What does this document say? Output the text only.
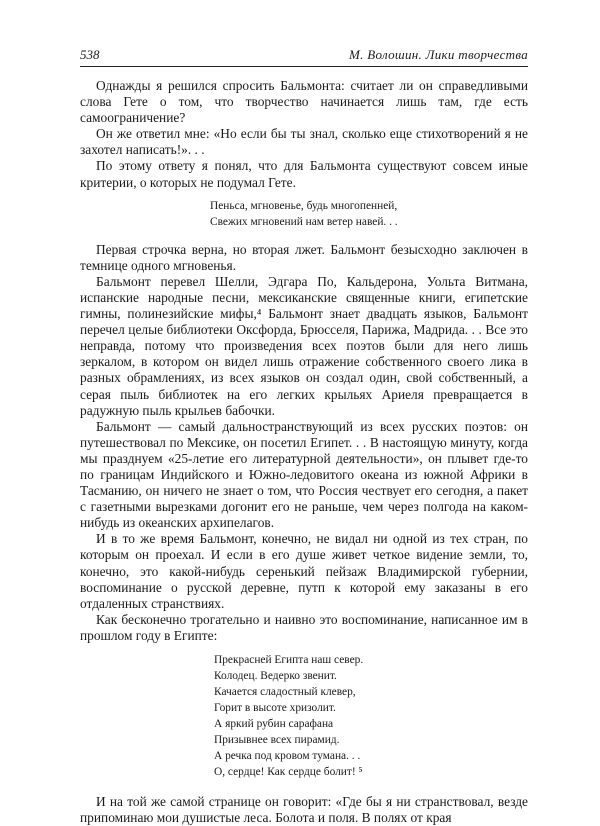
538	М. Волошин. Лики творчества

Однажды я решился спросить Бальмонта: считает ли он справедливыми слова Гете о том, что творчество начинается лишь там, где есть самоограничение?

Он же ответил мне: «Но если бы ты знал, сколько еще стихотворений я не захотел написать!». . .

По этому ответу я понял, что для Бальмонта существуют совсем иные критерии, о которых не подумал Гете.

Пеньса, мгновенье, будь многопенней,
Свежих мгновений нам ветер навей. . .

Первая строчка верна, но вторая лжет. Бальмонт безысходно заключен в темнице одного мгновенья.

Бальмонт перевел Шелли, Эдгара По, Кальдерона, Уольта Витмана, испанские народные песни, мексиканские священные книги, египетские гимны, полинезийские мифы,⁴ Бальмонт знает двадцать языков, Бальмонт перечел целые библиотеки Оксфорда, Брюсселя, Парижа, Мадрида. . . Все это неправда, потому что произведения всех поэтов были для него лишь зеркалом, в котором он видел лишь отражение собственного своего лика в разных обрамлениях, из всех языков он создал один, свой собственный, а серая пыль библиотек на его легких крыльях Ариеля превращается в радужную пыль крыльев бабочки.

Бальмонт — самый дальностранствующий из всех русских поэтов: он путешествовал по Мексике, он посетил Египет. . . В настоящую минуту, когда мы празднуем «25-летие его литературной деятельности», он плывет где-то по границам Индийского и Южно-ледовитого океана из южной Африки в Тасманию, он ничего не знает о том, что Россия чествует его сегодня, а пакет с газетными вырезками догонит его не раньше, чем через полгода на каком-нибудь из океанских архипелагов.

И в то же время Бальмонт, конечно, не видал ни одной из тех стран, по которым он проехал. И если в его душе живет четкое видение земли, то, конечно, это какой-нибудь серенький пейзаж Владимирской губернии, воспоминание о русской деревне, путп к которой ему заказаны в его отдаленных странствиях.

Как бесконечно трогательно и наивно это воспоминание, написанное им в прошлом году в Египте:

Прекрасней Египта наш север.
Колодец. Ведерко звенит.
Качается сладостный клевер,
Горит в высоте хризолит.
А яркий рубин сарафана
Призывнее всех пирамид.
А речка под кровом тумана. . .
О, сердце! Как сердце болит! ⁵

И на той же самой странице он говорит: «Где бы я ни странствовал, везде припоминаю мои душистые леса. Болота и поля. В полях от края
